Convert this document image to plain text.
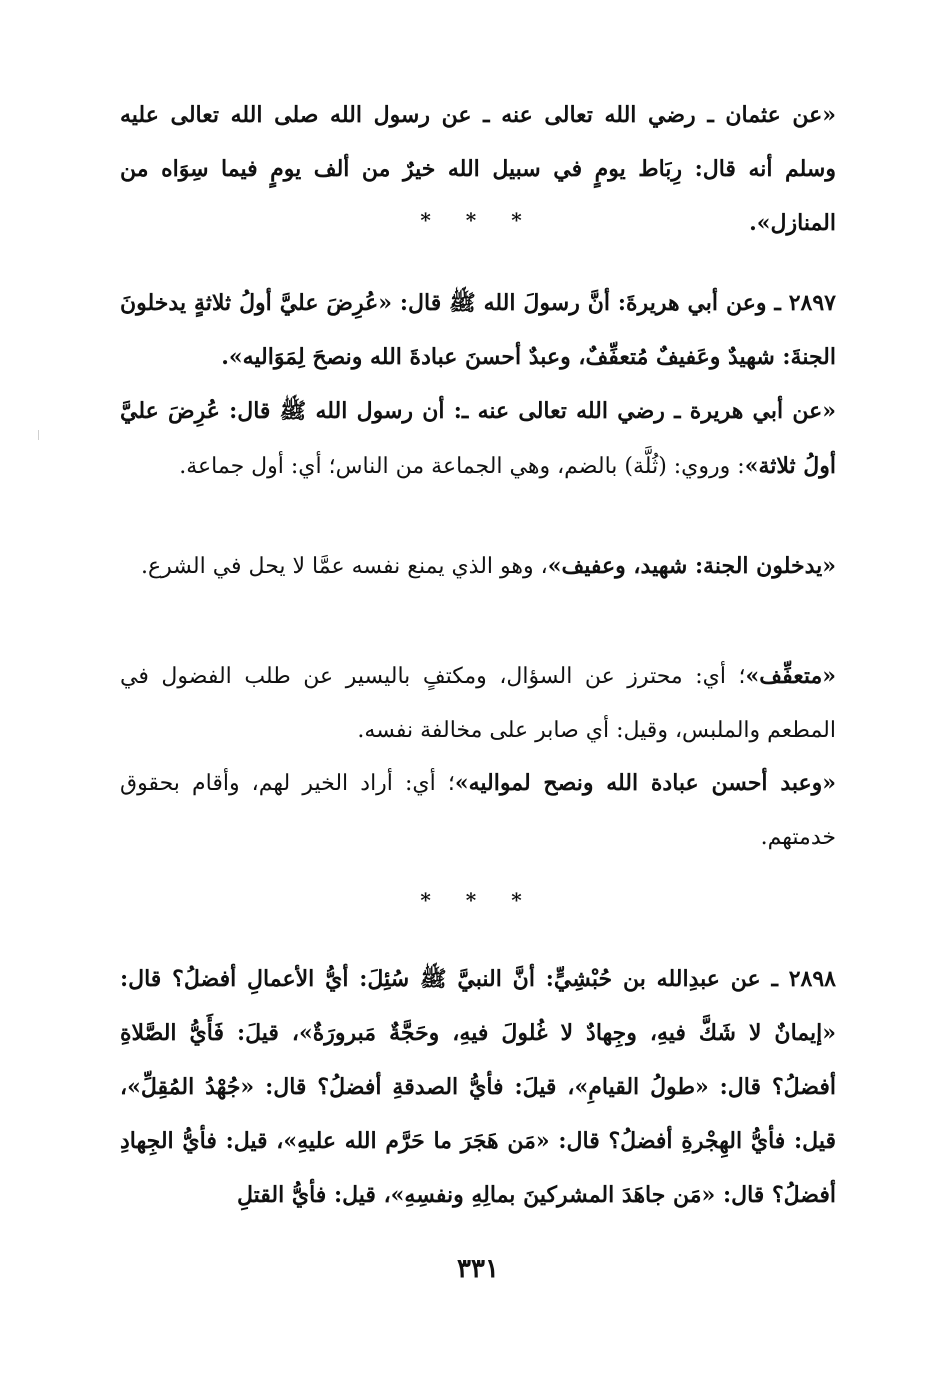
«عن عثمان ـ رضي الله تعالى عنه ـ عن رسول الله صلى الله تعالى عليه وسلم أنه قال: رِبَاط يومٍ في سبيل الله خيرٌ من ألف يومٍ فيما سِوَاه من المنازل».

* * *

٢٨٩٧ ـ وعن أبي هريرةَ: أنَّ رسولَ الله ﷺ قال: «عُرِضَ عليَّ أولُ ثلاثةٍ يدخلونَ الجنةَ: شهيدٌ وعَفيفٌ مُتعفِّفٌ، وعبدٌ أحسنَ عبادةَ الله ونصحَ لِمَوَاليه».

«عن أبي هريرة ـ رضي الله تعالى عنه ـ: أن رسول الله ﷺ قال: عُرِضَ عليَّ أولُ ثلاثة»: وروي: (ثُلَّة) بالضم، وهي الجماعة من الناس؛ أي: أول جماعة.

«يدخلون الجنة: شهيد، وعفيف»، وهو الذي يمنع نفسه عمَّا لا يحل في الشرع.

«متعفِّف»؛ أي: محترز عن السؤال، ومكتفٍ باليسير عن طلب الفضول في المطعم والملبس، وقيل: أي صابر على مخالفة نفسه.

«وعبد أحسن عبادة الله ونصح لمواليه»؛ أي: أراد الخير لهم، وأقام بحقوق خدمتهم.

* * *

٢٨٩٨ ـ عن عبدِالله بن حُبْشِيٍّ: أنَّ النبيَّ ﷺ سُئِلَ: أيُّ الأعمالِ أفضلُ؟ قال: «إيمانٌ لا شَكَّ فيهِ، وجِهادٌ لا غُلولَ فيهِ، وحَجَّةٌ مَبرورَةٌ»، قيلَ: فَأَيُّ الصَّلاةِ أفضلُ؟ قال: «طولُ القيامِ»، قيلَ: فأيُّ الصدقةِ أفضلُ؟ قال: «جُهْدُ المُقِلِّ»، قيل: فأيُّ الهِجْرةِ أفضلُ؟ قال: «مَن هَجَرَ ما حَرَّم الله عليهِ»، قيل: فأيُّ الجِهادِ أفضلُ؟ قال: «مَن جاهَدَ المشركينَ بمالِهِ ونفسِهِ»، قيل: فأيُّ القتلِ

٣٣١
